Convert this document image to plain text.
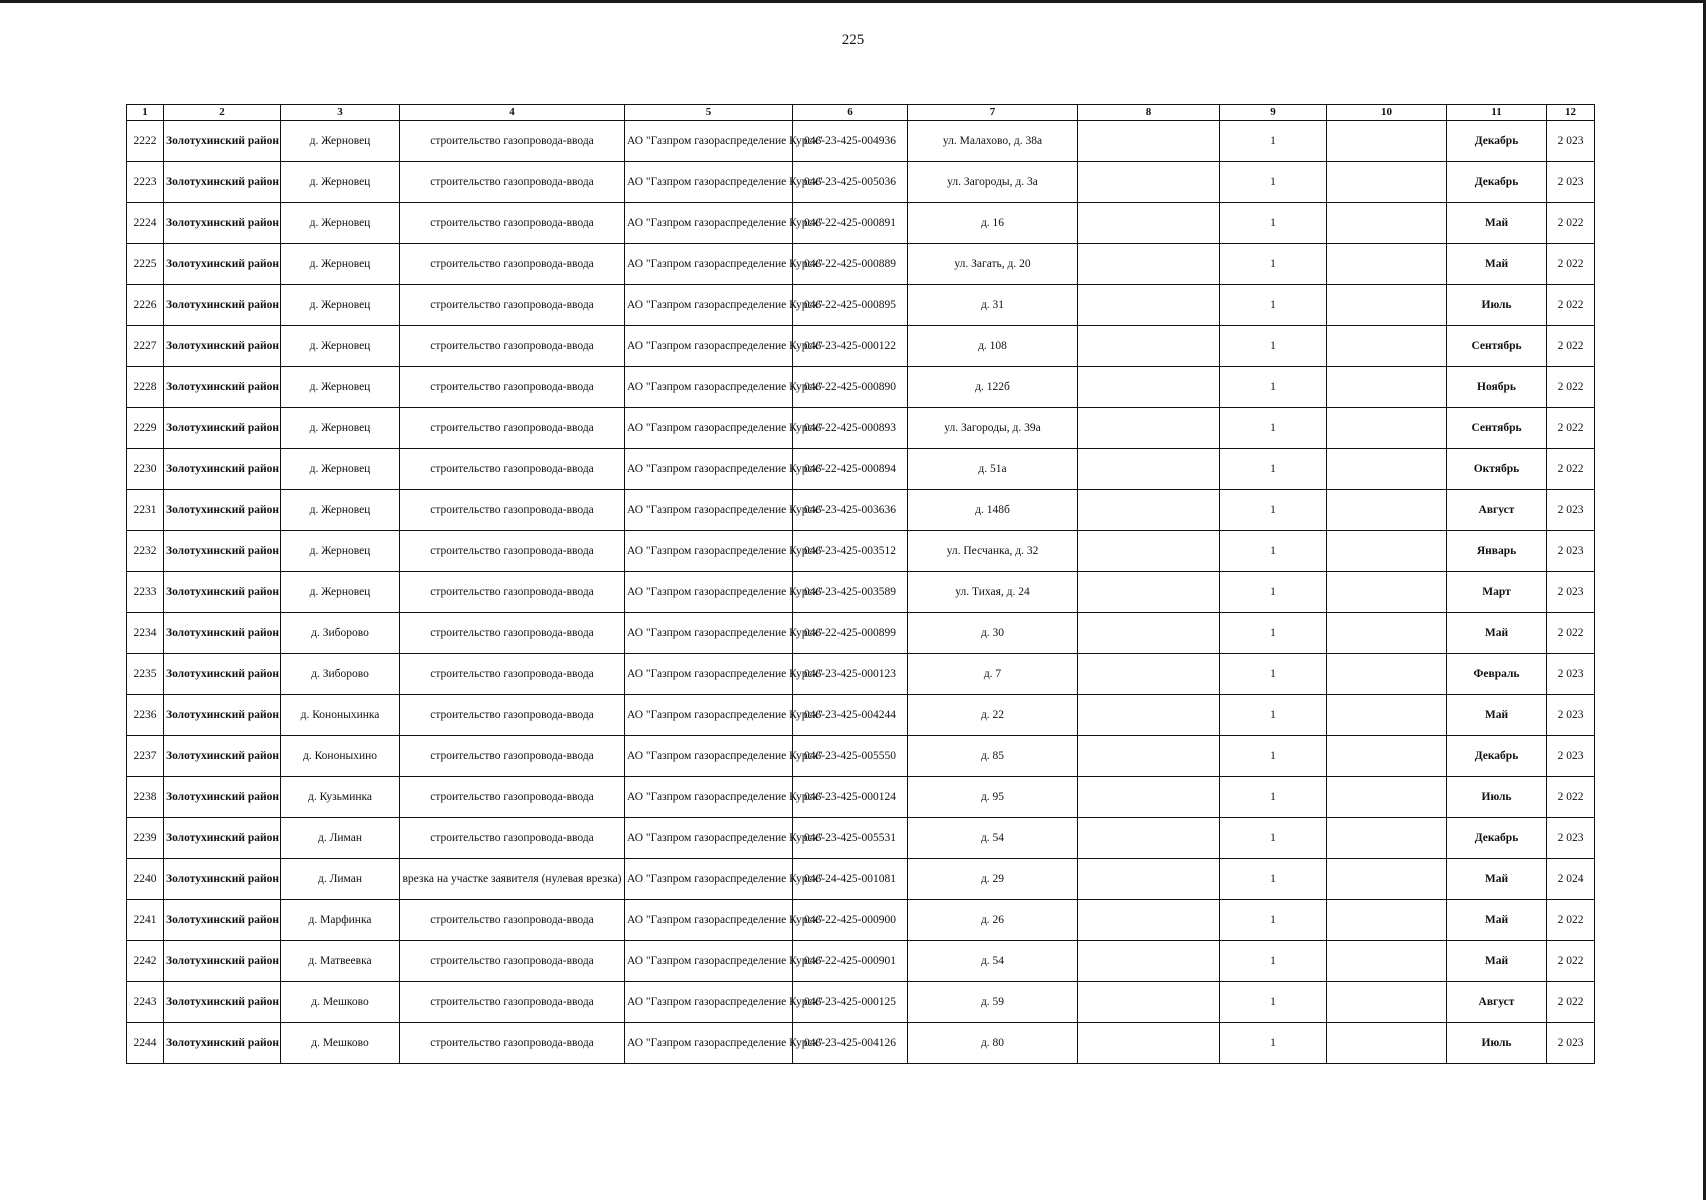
225
1	2	3	4	5	6	7	8	9	10	11	12
2222	Золотухинский район	д. Жерновец	строительство газопровода-ввода	АО "Газпром газораспределение Курск"	046-23-425-004936	ул. Малахово, д. 38а		1		Декабрь	2 023
2223	Золотухинский район	д. Жерновец	строительство газопровода-ввода	АО "Газпром газораспределение Курск"	046-23-425-005036	ул. Загороды, д. 3а		1		Декабрь	2 023
2224	Золотухинский район	д. Жерновец	строительство газопровода-ввода	АО "Газпром газораспределение Курск"	046-22-425-000891	д. 16		1		Май	2 022
2225	Золотухинский район	д. Жерновец	строительство газопровода-ввода	АО "Газпром газораспределение Курск"	046-22-425-000889	ул. Загать, д. 20		1		Май	2 022
2226	Золотухинский район	д. Жерновец	строительство газопровода-ввода	АО "Газпром газораспределение Курск"	046-22-425-000895	д. 31		1		Июль	2 022
2227	Золотухинский район	д. Жерновец	строительство газопровода-ввода	АО "Газпром газораспределение Курск"	046-23-425-000122	д. 108		1		Сентябрь	2 022
2228	Золотухинский район	д. Жерновец	строительство газопровода-ввода	АО "Газпром газораспределение Курск"	046-22-425-000890	д. 122б		1		Ноябрь	2 022
2229	Золотухинский район	д. Жерновец	строительство газопровода-ввода	АО "Газпром газораспределение Курск"	046-22-425-000893	ул. Загороды, д. 39а		1		Сентябрь	2 022
2230	Золотухинский район	д. Жерновец	строительство газопровода-ввода	АО "Газпром газораспределение Курск"	046-22-425-000894	д. 51а		1		Октябрь	2 022
2231	Золотухинский район	д. Жерновец	строительство газопровода-ввода	АО "Газпром газораспределение Курск"	046-23-425-003636	д. 148б		1		Август	2 023
2232	Золотухинский район	д. Жерновец	строительство газопровода-ввода	АО "Газпром газораспределение Курск"	046-23-425-003512	ул. Песчанка, д. 32		1		Январь	2 023
2233	Золотухинский район	д. Жерновец	строительство газопровода-ввода	АО "Газпром газораспределение Курск"	046-23-425-003589	ул. Тихая, д. 24		1		Март	2 023
2234	Золотухинский район	д. Зиборово	строительство газопровода-ввода	АО "Газпром газораспределение Курск"	046-22-425-000899	д. 30		1		Май	2 022
2235	Золотухинский район	д. Зиборово	строительство газопровода-ввода	АО "Газпром газораспределение Курск"	046-23-425-000123	д. 7		1		Февраль	2 023
2236	Золотухинский район	д. Кононыхинка	строительство газопровода-ввода	АО "Газпром газораспределение Курск"	046-23-425-004244	д. 22		1		Май	2 023
2237	Золотухинский район	д. Кононыхино	строительство газопровода-ввода	АО "Газпром газораспределение Курск"	046-23-425-005550	д. 85		1		Декабрь	2 023
2238	Золотухинский район	д. Кузьминка	строительство газопровода-ввода	АО "Газпром газораспределение Курск"	046-23-425-000124	д. 95		1		Июль	2 022
2239	Золотухинский район	д. Лиман	строительство газопровода-ввода	АО "Газпром газораспределение Курск"	046-23-425-005531	д. 54		1		Декабрь	2 023
2240	Золотухинский район	д. Лиман	врезка на участке заявителя (нулевая врезка)	АО "Газпром газораспределение Курск"	046-24-425-001081	д. 29		1		Май	2 024
2241	Золотухинский район	д. Марфинка	строительство газопровода-ввода	АО "Газпром газораспределение Курск"	046-22-425-000900	д. 26		1		Май	2 022
2242	Золотухинский район	д. Матвеевка	строительство газопровода-ввода	АО "Газпром газораспределение Курск"	046-22-425-000901	д. 54		1		Май	2 022
2243	Золотухинский район	д. Мешково	строительство газопровода-ввода	АО "Газпром газораспределение Курск"	046-23-425-000125	д. 59		1		Август	2 022
2244	Золотухинский район	д. Мешково	строительство газопровода-ввода	АО "Газпром газораспределение Курск"	046-23-425-004126	д. 80		1		Июль	2 023
